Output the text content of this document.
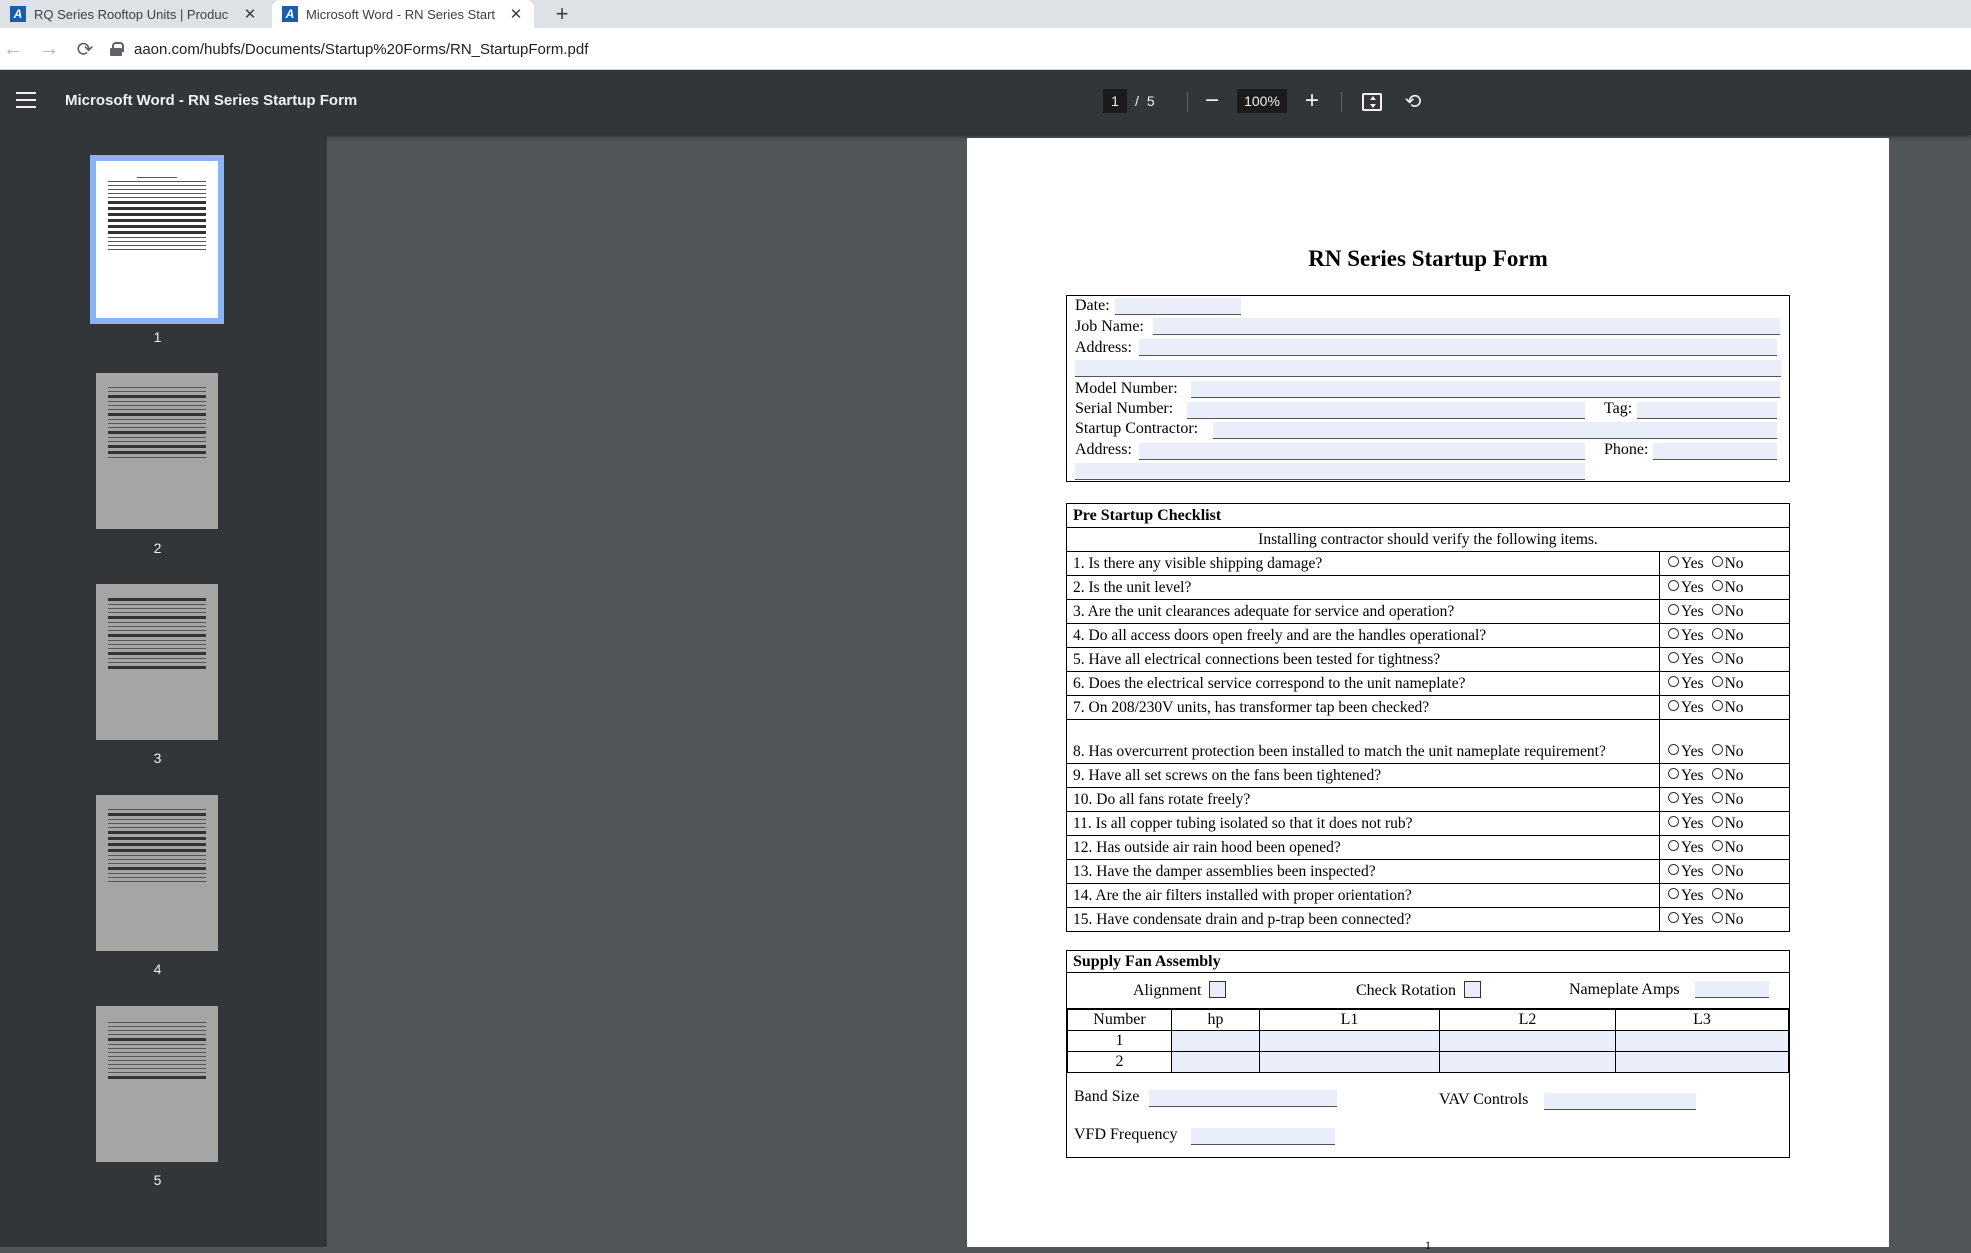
A RQ Series Rooftop Units | Produc	✕	A Microsoft Word - RN Series Start ✕	+
← → ⟳	aaon.com/hubfs/Documents/Startup%20Forms/RN_StartupForm.pdf
Microsoft Word - RN Series Startup Form
1	/ 5 −
100%	+	⟲
1
2
3
4
5
RN Series Startup Form
Date:
Job Name:
Address:
Model Number:
Serial Number:	Tag:
Startup Contractor:
Address:	Phone:
Pre Startup Checklist	
Installing contractor should verify the following items.	
1. Is there any visible shipping damage?	Yes No
2. Is the unit level?	Yes No
3. Are the unit clearances adequate for service and operation?	Yes No
4. Do all access doors open freely and are the handles operational?	Yes No
5. Have all electrical connections been tested for tightness?	Yes No
6. Does the electrical service correspond to the unit nameplate?	Yes No
7. On 208/230V units, has transformer tap been checked?	Yes No
8. Has overcurrent protection been installed to match the unit nameplate requirement?	Yes No
9. Have all set screws on the fans been tightened?	Yes No
10. Do all fans rotate freely?	Yes No
11. Is all copper tubing isolated so that it does not rub?	Yes No
12. Has outside air rain hood been opened?	Yes No
13. Have the damper assemblies been inspected?	Yes No
14. Are the air filters installed with proper orientation?	Yes No
15. Have condensate drain and p-trap been connected?	Yes No
Supply Fan Assembly
Alignment	Check Rotation	Nameplate Amps
Number	hp	L1	L2	L3
1				
2				
Band Size	VAV Controls
VFD Frequency
1
